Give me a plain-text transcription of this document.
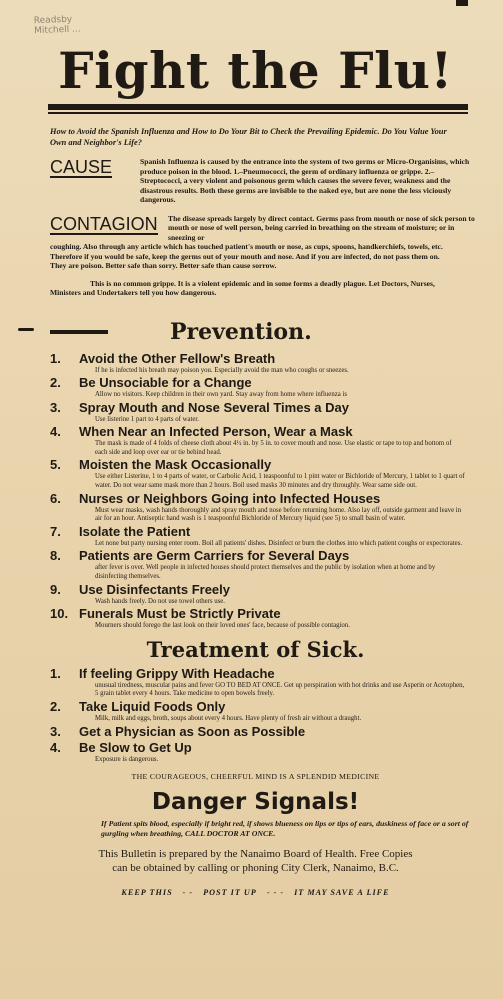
Readsby
Mitchell ...
Fight the Flu!
How to Avoid the Spanish Influenza and How to Do Your Bit to Check the Prevailing Epidemic. Do You Value Your Own and Neighbor's Life?
CAUSE	Spanish Influenza is caused by the entrance into the system of two germs or Micro-Organisims, which produce poison in the blood. 1.–Pneumococci, the germ of ordinary influenza or grippe. 2.–Streptococci, a very violent and poisonous germ which causes the severe fever, weakness and the disastrous results. Both these germs are invisible to the naked eye, but are none the less viciously dangerous.
CONTAGION	The disease spreads largely by direct contact. Germs pass from mouth or nose of sick person to mouth or nose of well person, being carried in breathing on the stream of moisture; or in sneezing or
coughing. Also through any article which has touched patient's mouth or nose, as cups, spoons, handkerchiefs, towels, etc. Therefore if you would be safe, keep the germs out of your mouth and nose. And if you are infected, do not pass them on. They are poison. Better safe than sorry. Better safe than cause sorrow.
This is no common grippe. It is a violent epidemic and in some forms a deadly plague. Let Doctors, Nurses, Ministers and Undertakers tell you how dangerous.
Prevention.
1.	Avoid the Other Fellow's Breath
If he is infected his breath may poison you. Especially avoid the man who coughs or sneezes.
2.	Be Unsociable for a Change
Allow no visitors. Keep children in their own yard. Stay away from home where influenza is
3.	Spray Mouth and Nose Several Times a Day
Use listerine 1 part to 4 parts of water.
4.	When Near an Infected Person, Wear a Mask
The mask is made of 4 folds of cheese cloth about 4½ in. by 5 in. to cover mouth and nose. Use elastic or tape to top and bottom of each side and loop over ear or tie behind head.
5.	Moisten the Mask Occasionally
Use either Listerine, 1 to 4 parts of water, or Carbolic Acid, 1 teaspoonful to 1 pint water or Bichloride of Mercury, 1 tablet to 1 quart of water. Do not wear same mask more than 2 hours. Boil used masks 30 minutes and dry throughly. Wear same side out.
6.	Nurses or Neighbors Going into Infected Houses
Must wear masks, wash hands thoroughly and spray mouth and nose before returning home. Also lay off, outside garment and leave in air for an hour. Antiseptic hand wash is 1 teaspoonful Bichloride of Mercury liquid (see 5) to small basin of water.
7.	Isolate the Patient
Let none but party nursing enter room. Boil all patients' dishes. Disinfect or burn the clothes into which patient coughs or expectorates.
8.	Patients are Germ Carriers for Several Days
after fever is over. Well people in infected houses should protect themselves and the public by isolation when at home and by disinfecting themselves.
9.	Use Disinfectants Freely
Wash hands freely. Do not use towel others use.
10. Funerals Must be Strictly Private
Mourners should forego the last look on their loved ones' face, because of possible contagion.
Treatment of Sick.
1.	If feeling Grippy With Headache
unusual tiredness, muscular pains and fever GO TO BED AT ONCE. Get up perspiration with hot drinks and use Asperin or Acetophen, 5 grain tablet every 4 hours. Take medicine to open bowels freely.
2.	Take Liquid Foods Only
Milk, milk and eggs, broth, soups about every 4 hours. Have plenty of fresh air without a draught.
3.	Get a Physician as Soon as Possible
4.	Be Slow to Get Up
Exposure is dangerous.
THE COURAGEOUS, CHEERFUL MIND IS A SPLENDID MEDICINE
Danger Signals!
If Patient spits blood, especially if bright red, if shows blueness on lips or tips of ears, duskiness of face or a sort of gurgling when breathing, CALL DOCTOR AT ONCE.
This Bulletin is prepared by the Nanaimo Board of Health. Free Copies
can be obtained by calling or phoning City Clerk, Nanaimo, B.C.
KEEP THIS - - POST IT UP - - - IT MAY SAVE A LIFE
